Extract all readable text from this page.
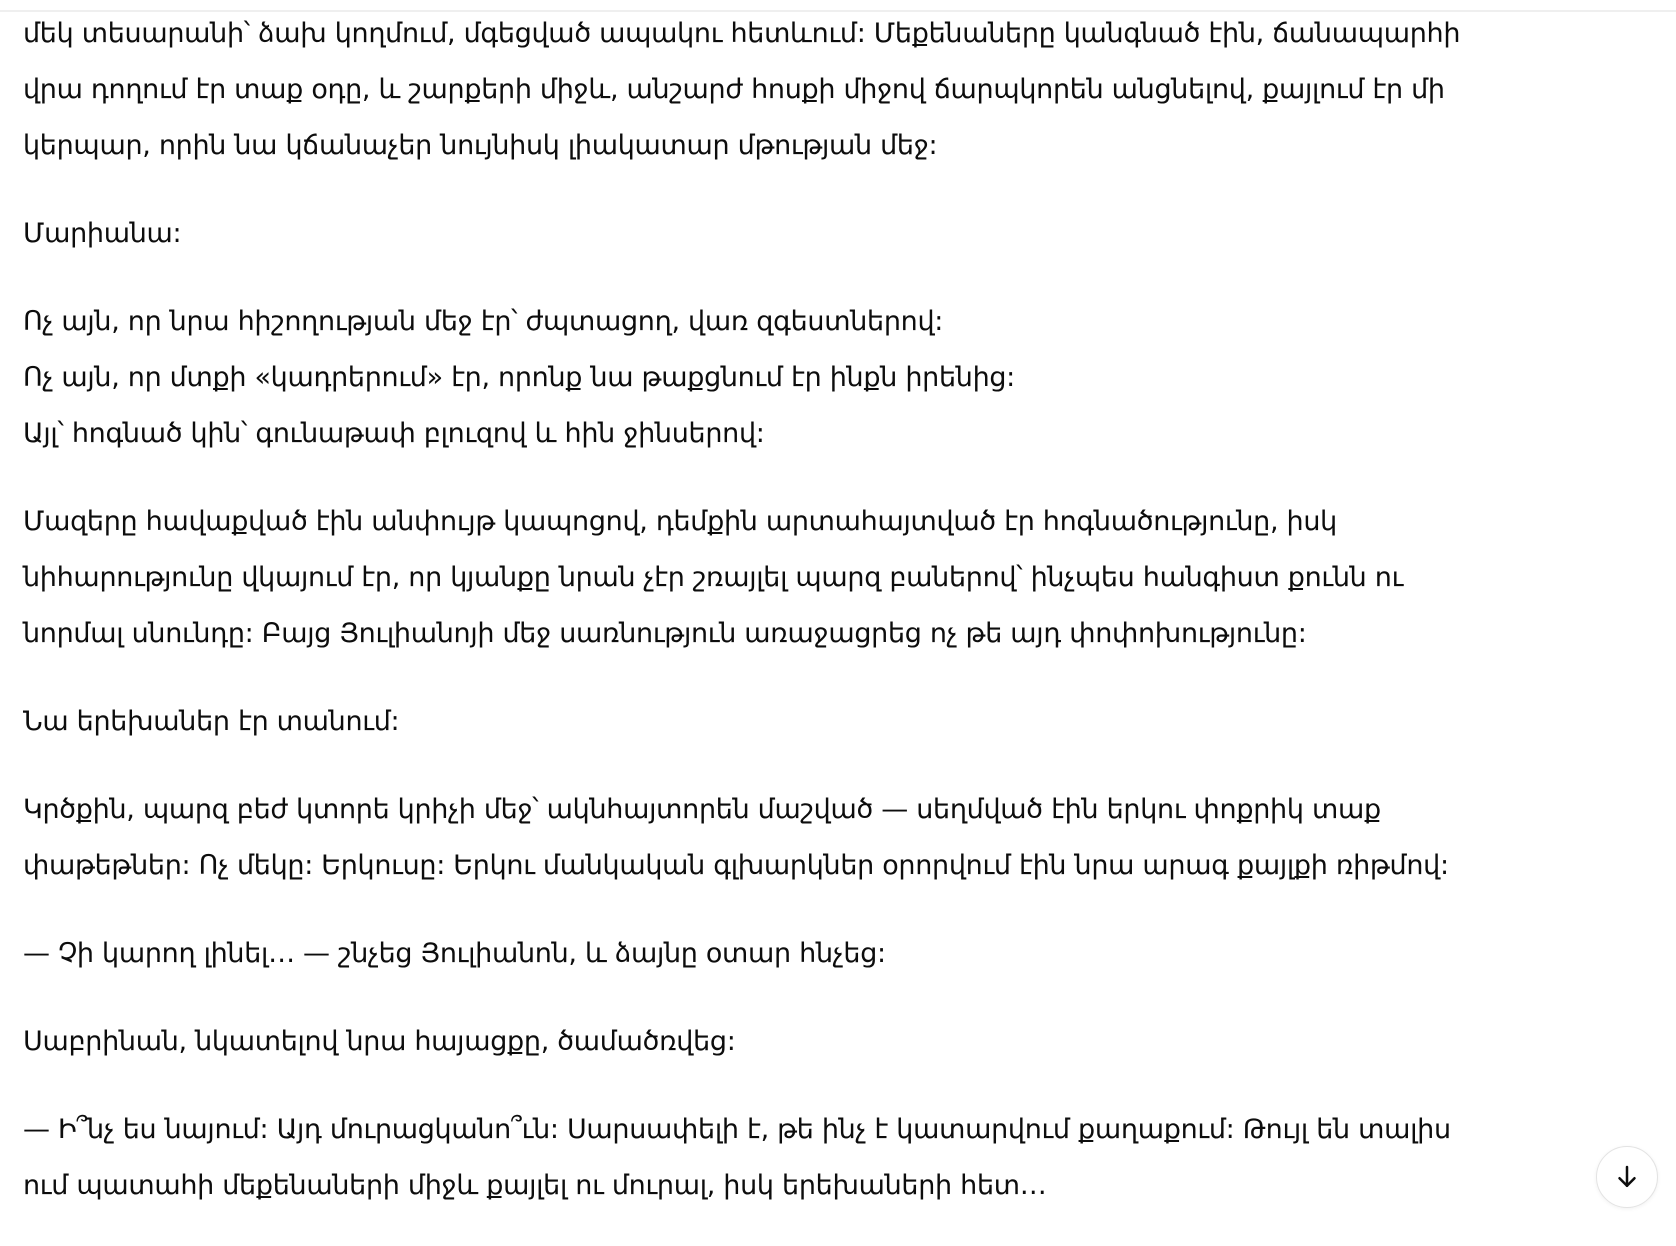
մեկ տեսարանի՝ ձախ կողմում, մգեցված ապակու հետևում: Մեքենաները կանգնած էին, ճանապարհի
վրա դողում էր տաք օդը, և շարքերի միջև, անշարժ հոսքի միջով ճարպկորեն անցնելով, քայլում էր մի
կերպար, որին նա կճանաչեր նույնիսկ լիակատար մթության մեջ:
Մարիանա:
Ոչ այն, որ նրա հիշողության մեջ էր՝ ժպտացող, վառ զգեստներով:
Ոչ այն, որ մտքի «կադրերում» էր, որոնք նա թաքցնում էր ինքն իրենից:
Այլ՝ հոգնած կին՝ գունաթափ բլուզով և հին ջինսերով:
Մազերը հավաքված էին անփույթ կապոցով, դեմքին արտահայտված էր հոգնածությունը, իսկ
նիհարությունը վկայում էր, որ կյանքը նրան չէր շռայլել պարզ բաներով՝ ինչպես հանգիստ քունն ու
նորմալ սնունդը: Բայց Յուլիանոյի մեջ սառնություն առաջացրեց ոչ թե այդ փոփոխությունը:
Նա երեխաներ էր տանում:
Կրծքին, պարզ բեժ կտորե կրիչի մեջ՝ ակնհայտորեն մաշված — սեղմված էին երկու փոքրիկ տաք
փաթեթներ: Ոչ մեկը: Երկուսը: Երկու մանկական գլխարկներ օրորվում էին նրա արագ քայլքի ռիթմով:
— Չի կարող լինել… — շնչեց Յուլիանոն, և ձայնը օտար հնչեց:
Սաբրինան, նկատելով նրա հայացքը, ծամածռվեց:
— Ի՞նչ ես նայում: Այդ մուրացկանո՞ւն: Սարսափելի է, թե ինչ է կատարվում քաղաքում: Թույլ են տալիս
ում պատահի մեքենաների միջև քայլել ու մուրալ, իսկ երեխաների հետ…
